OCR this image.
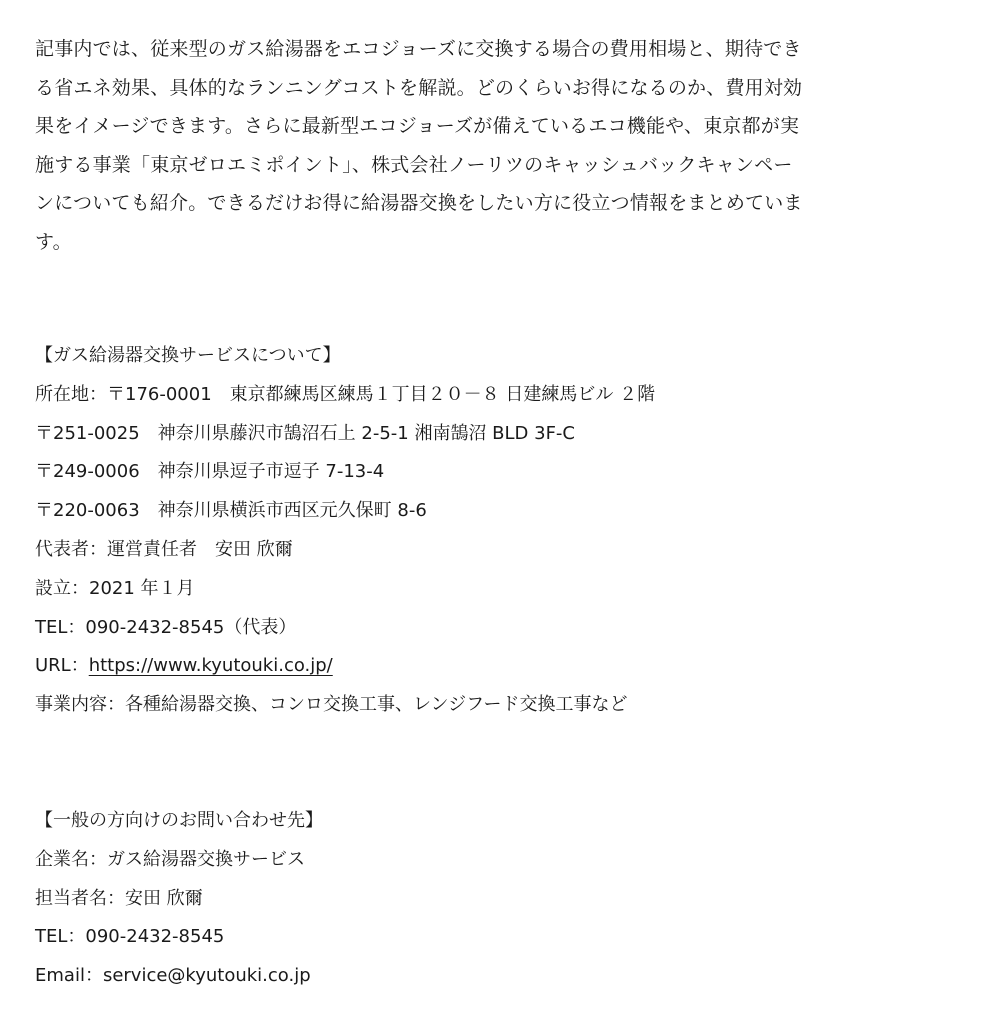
記事内では、従来型のガス給湯器をエコジョーズに交換する場合の費用相場と、期待でき
る省エネ効果、具体的なランニングコストを解説。どのくらいお得になるのか、費用対効
果をイメージできます。さらに最新型エコジョーズが備えているエコ機能や、東京都が実
施する事業「東京ゼロエミポイント」、株式会社ノーリツのキャッシュバックキャンペー
ンについても紹介。できるだけお得に給湯器交換をしたい方に役立つ情報をまとめていま
す。

【ガス給湯器交換サービスについて】
所在地：〒176-0001　東京都練馬区練馬１丁目２０－８ 日建練馬ビル ２階
〒251-0025　神奈川県藤沢市鵠沼石上 2-5-1 湘南鵠沼 BLD 3F-C
〒249-0006　神奈川県逗子市逗子 7-13-4
〒220-0063　神奈川県横浜市西区元久保町 8-6
代表者：運営責任者　安田 欣爾
設立：2021 年１月
TEL：090-2432-8545（代表）
URL：https://www.kyutouki.co.jp/
事業内容：各種給湯器交換、コンロ交換工事、レンジフード交換工事など
【一般の方向けのお問い合わせ先】
企業名：ガス給湯器交換サービス
担当者名：安田 欣爾
TEL：090-2432-8545
Email：service@kyutouki.co.jp
